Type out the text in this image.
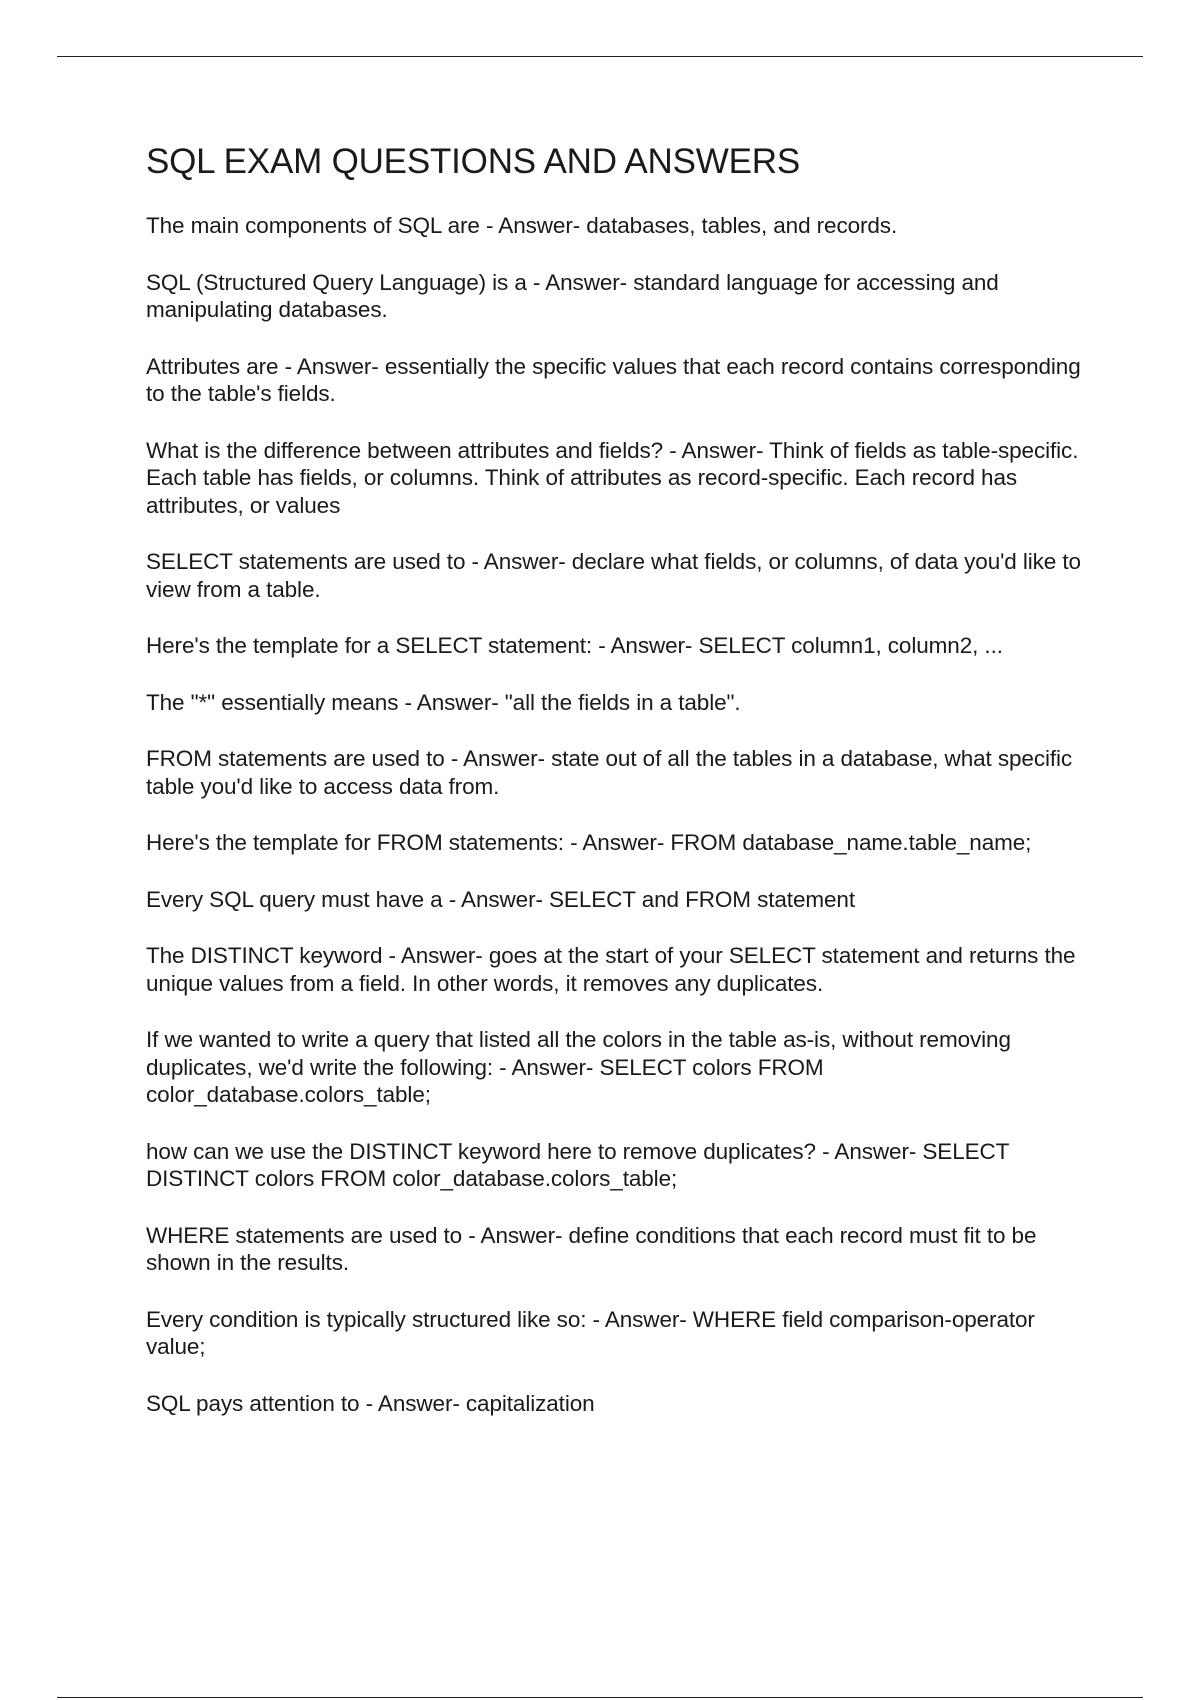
SQL EXAM QUESTIONS AND ANSWERS
The main components of SQL are - Answer- databases, tables, and records.
SQL (Structured Query Language) is a - Answer- standard language for accessing and manipulating databases.
Attributes are - Answer- essentially the specific values that each record contains corresponding to the table's fields.
What is the difference between attributes and fields? - Answer- Think of fields as table-specific. Each table has fields, or columns. Think of attributes as record-specific. Each record has attributes, or values
SELECT statements are used to - Answer- declare what fields, or columns, of data you'd like to view from a table.
Here's the template for a SELECT statement: - Answer- SELECT column1, column2, ...
The "*" essentially means - Answer- "all the fields in a table".
FROM statements are used to - Answer- state out of all the tables in a database, what specific table you'd like to access data from.
Here's the template for FROM statements: - Answer- FROM database_name.table_name;
Every SQL query must have a - Answer- SELECT and FROM statement
The DISTINCT keyword - Answer- goes at the start of your SELECT statement and returns the unique values from a field. In other words, it removes any duplicates.
If we wanted to write a query that listed all the colors in the table as-is, without removing duplicates, we'd write the following: - Answer- SELECT colors FROM color_database.colors_table;
how can we use the DISTINCT keyword here to remove duplicates? - Answer- SELECT DISTINCT colors FROM color_database.colors_table;
WHERE statements are used to - Answer- define conditions that each record must fit to be shown in the results.
Every condition is typically structured like so: - Answer- WHERE field comparison-operator value;
SQL pays attention to - Answer- capitalization
